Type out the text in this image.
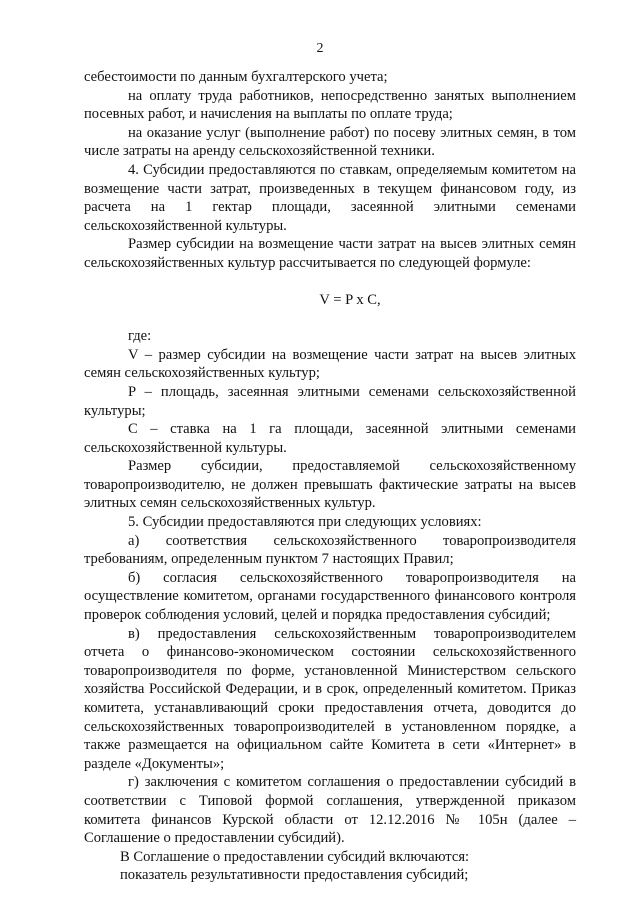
2

себестоимости по данным бухгалтерского учета;

на оплату труда работников, непосредственно занятых выполнением посевных работ, и начисления на выплаты по оплате труда;

на оказание услуг (выполнение работ) по посеву элитных семян, в том числе затраты на аренду сельскохозяйственной техники.

4. Субсидии предоставляются по ставкам, определяемым комитетом на возмещение части затрат, произведенных в текущем финансовом году, из расчета на 1 гектар площади, засеянной элитными семенами сельскохозяйственной культуры.

Размер субсидии на возмещение части затрат на высев элитных семян сельскохозяйственных культур рассчитывается по следующей формуле:

V = P x C,

где:

V – размер субсидии на возмещение части затрат на высев элитных семян сельскохозяйственных культур;

P – площадь, засеянная элитными семенами сельскохозяйственной культуры;

C – ставка на 1 га площади, засеянной элитными семенами сельскохозяйственной культуры.

Размер субсидии, предоставляемой сельскохозяйственному товаропроизводителю, не должен превышать фактические затраты на высев элитных семян сельскохозяйственных культур.

5. Субсидии предоставляются при следующих условиях:

а) соответствия сельскохозяйственного товаропроизводителя требованиям, определенным пунктом 7 настоящих Правил;

б) согласия сельскохозяйственного товаропроизводителя на осуществление комитетом, органами государственного финансового контроля проверок соблюдения условий, целей и порядка предоставления субсидий;

в) предоставления сельскохозяйственным товаропроизводителем отчета о финансово-экономическом состоянии сельскохозяйственного товаропроизводителя по форме, установленной Министерством сельского хозяйства Российской Федерации, и в срок, определенный комитетом. Приказ комитета, устанавливающий сроки предоставления отчета, доводится до сельскохозяйственных товаропроизводителей в установленном порядке, а также размещается на официальном сайте Комитета в сети «Интернет» в разделе «Документы»;

г) заключения с комитетом соглашения о предоставлении субсидий в соответствии с Типовой формой соглашения, утвержденной приказом комитета финансов Курской области от 12.12.2016 № 105н (далее – Соглашение о предоставлении субсидий).

В Соглашение о предоставлении субсидий включаются:

показатель результативности предоставления субсидий;
